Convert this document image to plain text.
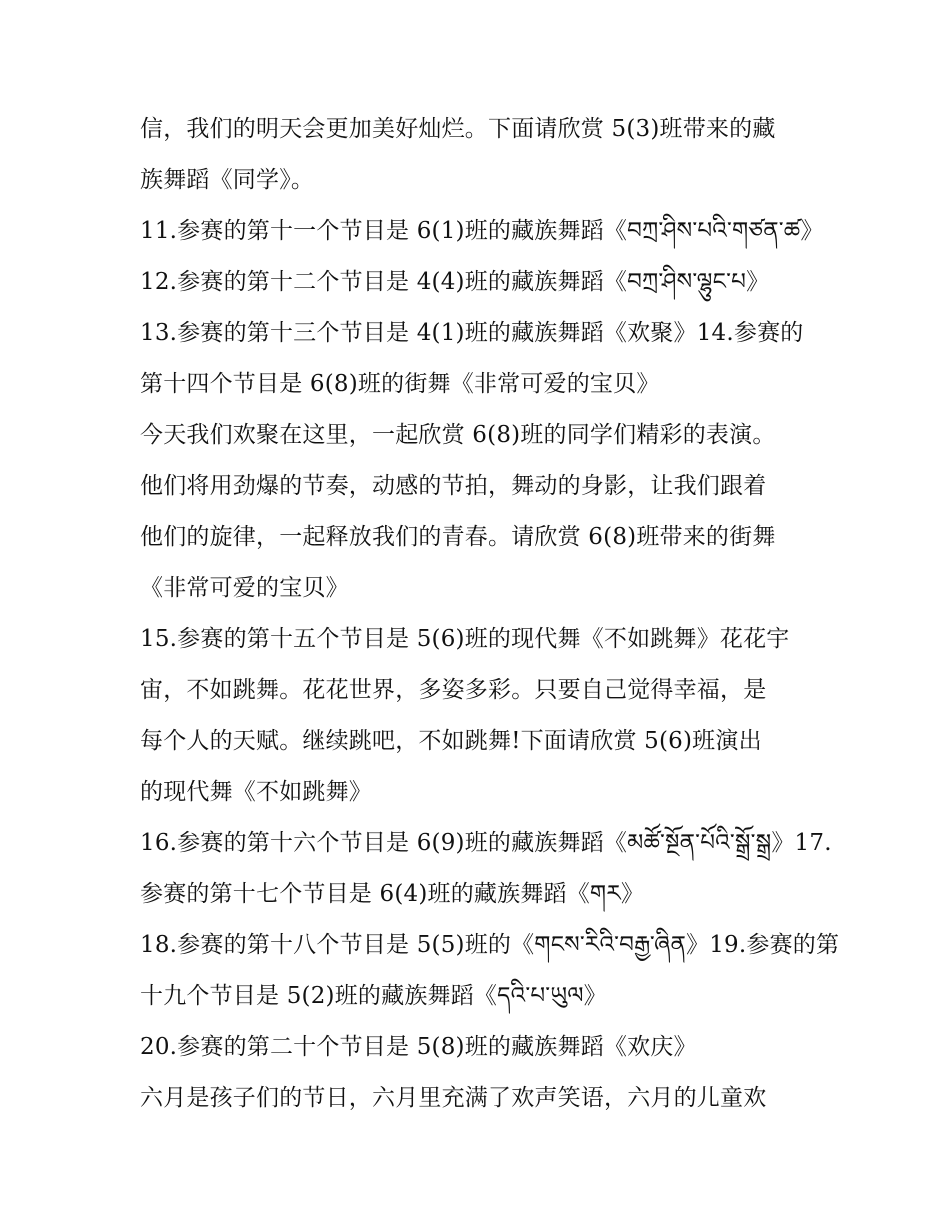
信，我们的明天会更加美好灿烂。下面请欣赏 5(3)班带来的藏
族舞蹈《同学》。
11.参赛的第十一个节目是 6(1)班的藏族舞蹈《བཀྲ་ཤིས་པའི་གཙན་ཚ》
12.参赛的第十二个节目是 4(4)班的藏族舞蹈《བཀྲ་ཤིས་ལྷུང་པ》
13.参赛的第十三个节目是 4(1)班的藏族舞蹈《欢聚》14.参赛的
第十四个节目是 6(8)班的街舞《非常可爱的宝贝》
今天我们欢聚在这里，一起欣赏 6(8)班的同学们精彩的表演。
他们将用劲爆的节奏，动感的节拍，舞动的身影，让我们跟着
他们的旋律，一起释放我们的青春。请欣赏 6(8)班带来的街舞
《非常可爱的宝贝》
15.参赛的第十五个节目是 5(6)班的现代舞《不如跳舞》花花宇
宙，不如跳舞。花花世界，多姿多彩。只要自己觉得幸福，是
每个人的天赋。继续跳吧，不如跳舞!下面请欣赏 5(6)班演出
的现代舞《不如跳舞》
16.参赛的第十六个节目是 6(9)班的藏族舞蹈《མཚོ་སྔོན་པོའི་སྒྲོ་སྒྲ》17.
参赛的第十七个节目是 6(4)班的藏族舞蹈《གར》
18.参赛的第十八个节目是 5(5)班的《གངས་རིའི་བརྒྱ་ཞིན》19.参赛的第
十九个节目是 5(2)班的藏族舞蹈《དའི་པ་ཡུལ》
20.参赛的第二十个节目是 5(8)班的藏族舞蹈《欢庆》
六月是孩子们的节日，六月里充满了欢声笑语，六月的儿童欢
